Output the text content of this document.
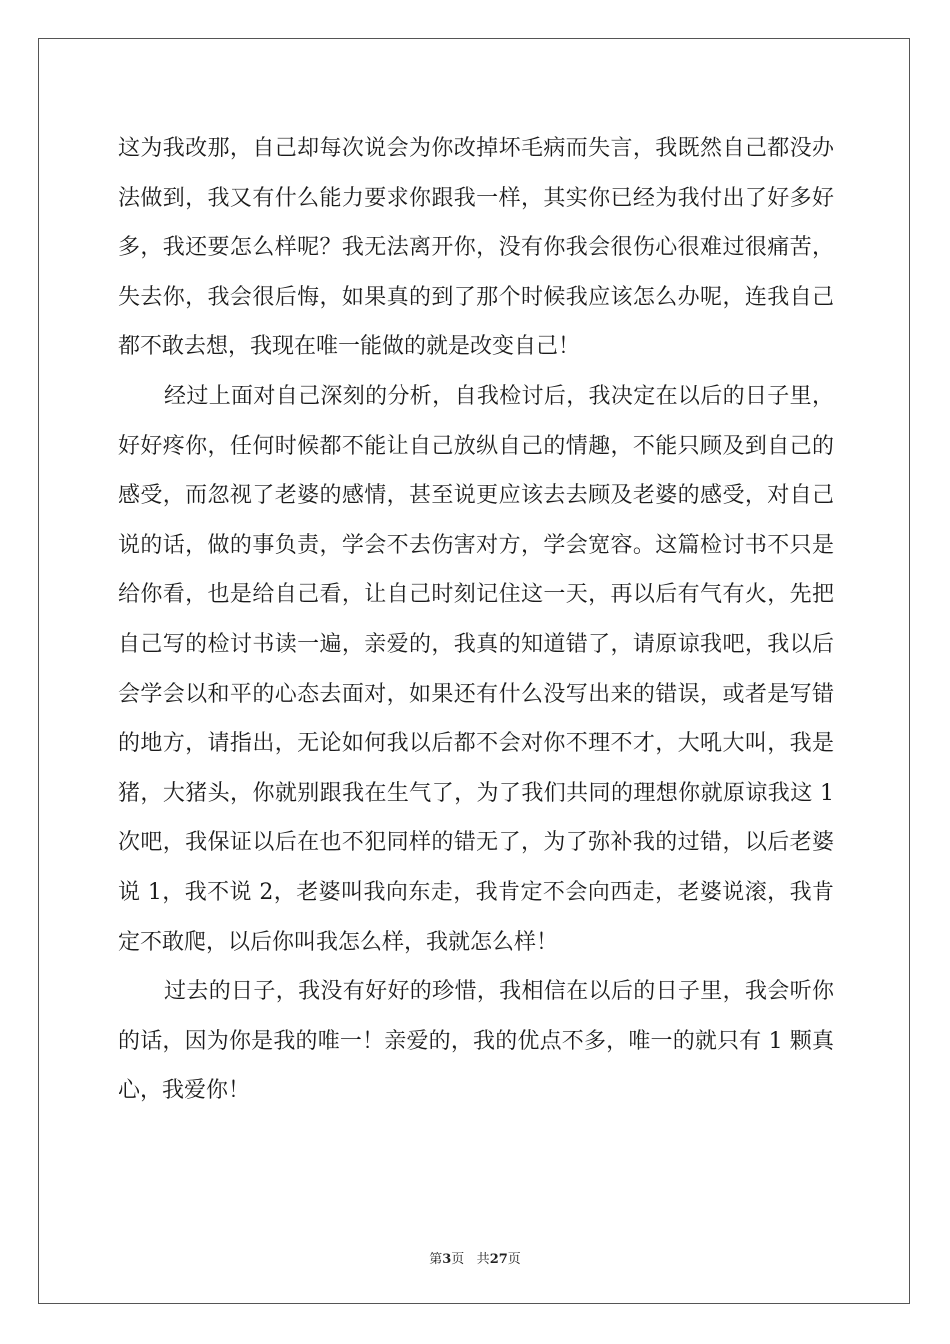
这为我改那，自己却每次说会为你改掉坏毛病而失言，我既然自己都没办法做到，我又有什么能力要求你跟我一样，其实你已经为我付出了好多好多，我还要怎么样呢？我无法离开你，没有你我会很伤心很难过很痛苦，失去你，我会很后悔，如果真的到了那个时候我应该怎么办呢，连我自己都不敢去想，我现在唯一能做的就是改变自己！

经过上面对自己深刻的分析，自我检讨后，我决定在以后的日子里，好好疼你，任何时候都不能让自己放纵自己的情趣，不能只顾及到自己的感受，而忽视了老婆的感情，甚至说更应该去去顾及老婆的感受，对自己说的话，做的事负责，学会不去伤害对方，学会宽容。这篇检讨书不只是给你看，也是给自己看，让自己时刻记住这一天，再以后有气有火，先把自己写的检讨书读一遍，亲爱的，我真的知道错了，请原谅我吧，我以后会学会以和平的心态去面对，如果还有什么没写出来的错误，或者是写错的地方，请指出，无论如何我以后都不会对你不理不才，大吼大叫，我是猪，大猪头，你就别跟我在生气了，为了我们共同的理想你就原谅我这 1 次吧，我保证以后在也不犯同样的错无了，为了弥补我的过错，以后老婆说 1，我不说 2，老婆叫我向东走，我肯定不会向西走，老婆说滚，我肯定不敢爬，以后你叫我怎么样，我就怎么样！

过去的日子，我没有好好的珍惜，我相信在以后的日子里，我会听你的话，因为你是我的唯一！亲爱的，我的优点不多，唯一的就只有 1 颗真心，我爱你！

第3页 共27页
